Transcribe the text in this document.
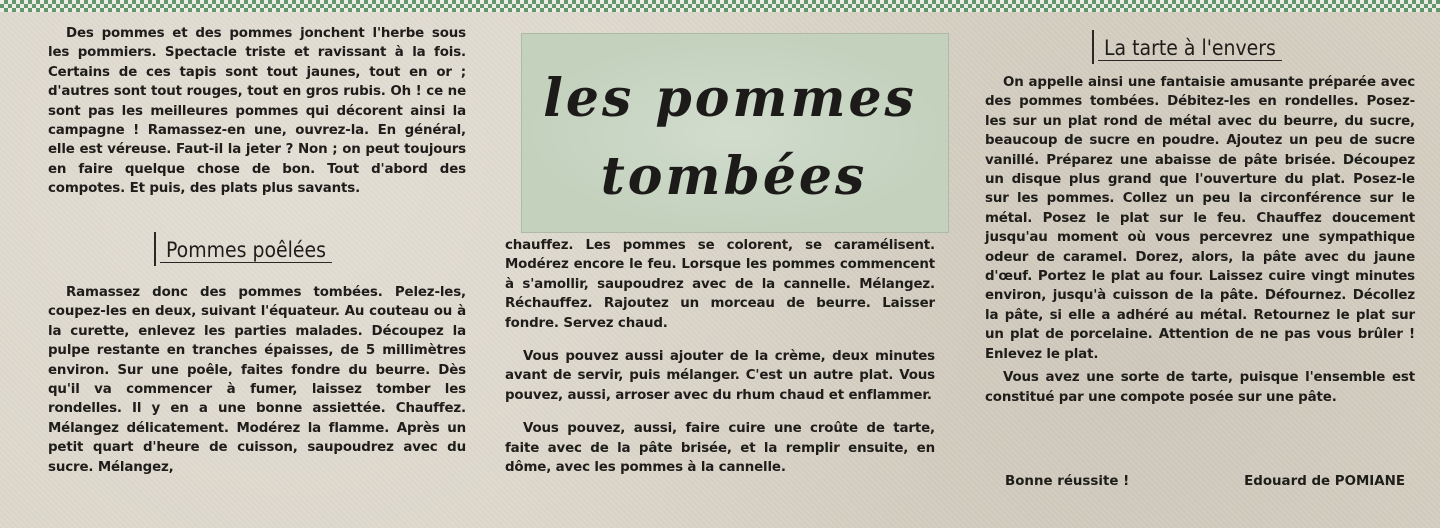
Des pommes et des pommes jonchent l'herbe sous les pommiers. Spectacle triste et ravissant à la fois. Certains de ces tapis sont tout jaunes, tout en or ; d'autres sont tout rouges, tout en gros rubis. Oh ! ce ne sont pas les meilleures pommes qui décorent ainsi la campagne ! Ramassez-en une, ouvrez-la. En général, elle est véreuse. Faut-il la jeter ? Non ; on peut toujours en faire quelque chose de bon. Tout d'abord des compotes. Et puis, des plats plus savants.

Pommes poêlées

Ramassez donc des pommes tombées. Pelez-les, coupez-les en deux, suivant l'équateur. Au couteau ou à la curette, enlevez les parties malades. Découpez la pulpe restante en tranches épaisses, de 5 millimètres environ. Sur une poêle, faites fondre du beurre. Dès qu'il va commencer à fumer, laissez tomber les rondelles. Il y en a une bonne assiettée. Chauffez. Mélangez délicatement. Modérez la flamme. Après un petit quart d'heure de cuisson, saupoudrez avec du sucre. Mélangez,

les pommes
tombées

chauffez. Les pommes se colorent, se caramélisent. Modérez encore le feu. Lorsque les pommes commencent à s'amollir, saupoudrez avec de la cannelle. Mélangez. Réchauffez. Rajoutez un morceau de beurre. Laisser fondre. Servez chaud.

Vous pouvez aussi ajouter de la crème, deux minutes avant de servir, puis mélanger. C'est un autre plat. Vous pouvez, aussi, arroser avec du rhum chaud et enflammer.

Vous pouvez, aussi, faire cuire une croûte de tarte, faite avec de la pâte brisée, et la remplir ensuite, en dôme, avec les pommes à la cannelle.

La tarte à l'envers

On appelle ainsi une fantaisie amusante préparée avec des pommes tombées. Débitez-les en rondelles. Posez-les sur un plat rond de métal avec du beurre, du sucre, beaucoup de sucre en poudre. Ajoutez un peu de sucre vanillé. Préparez une abaisse de pâte brisée. Découpez un disque plus grand que l'ouverture du plat. Posez-le sur les pommes. Collez un peu la circonférence sur le métal. Posez le plat sur le feu. Chauffez doucement jusqu'au moment où vous percevrez une sympathique odeur de caramel. Dorez, alors, la pâte avec du jaune d'œuf. Portez le plat au four. Laissez cuire vingt minutes environ, jusqu'à cuisson de la pâte. Défournez. Décollez la pâte, si elle a adhéré au métal. Retournez le plat sur un plat de porcelaine. Attention de ne pas vous brûler ! Enlevez le plat.

Vous avez une sorte de tarte, puisque l'ensemble est constitué par une compote posée sur une pâte.

Bonne réussite !	Edouard de POMIANE
